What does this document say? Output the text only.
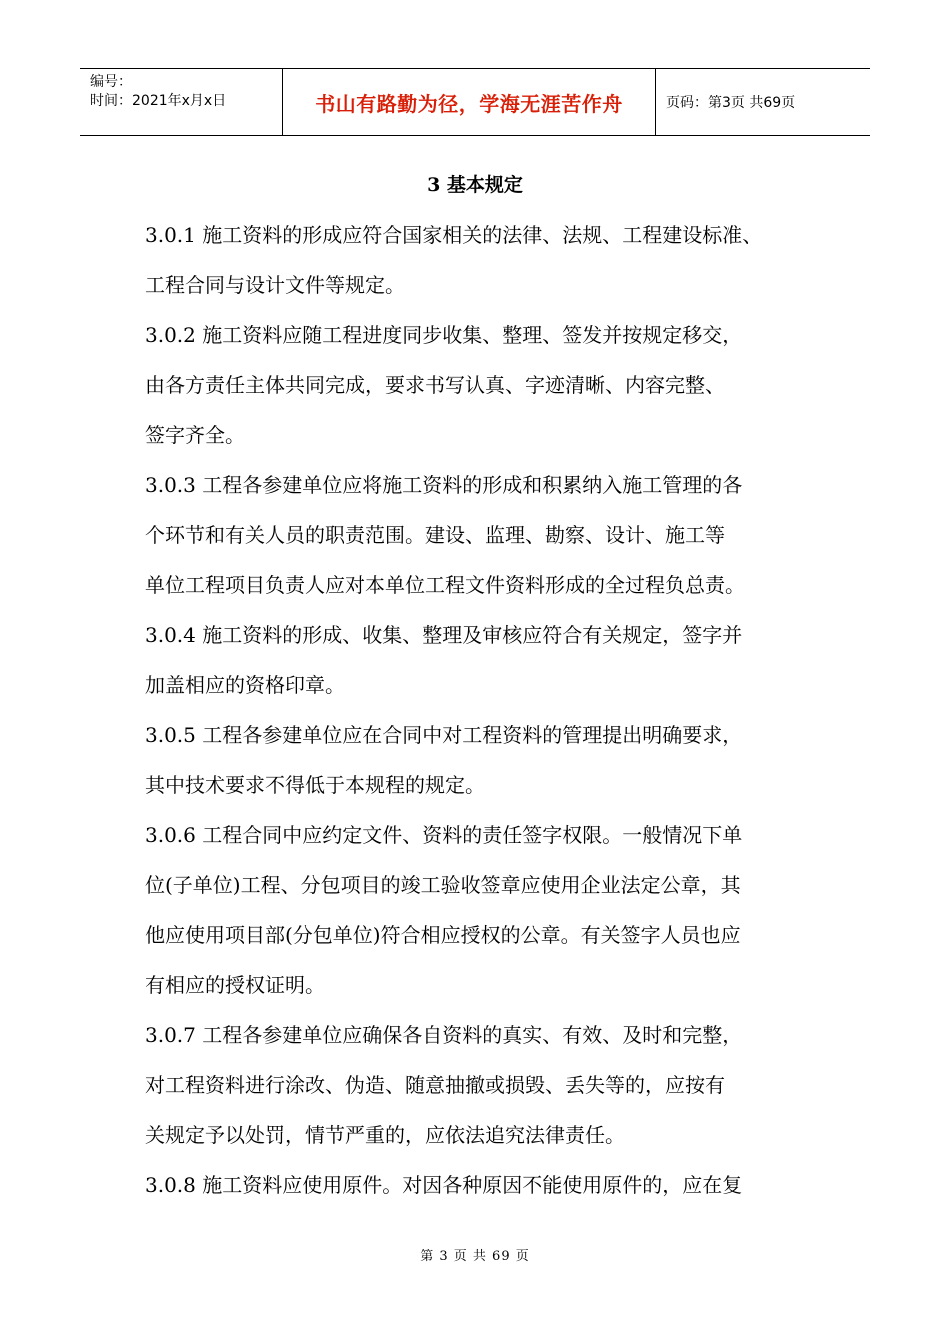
编号：
时间：2021年x月x日	书山有路勤为径，学海无涯苦作舟	页码：第3页 共69页
3 基本规定
3.0.1 施工资料的形成应符合国家相关的法律、法规、工程建设标准、
工程合同与设计文件等规定。
3.0.2 施工资料应随工程进度同步收集、整理、签发并按规定移交，
由各方责任主体共同完成，要求书写认真、字迹清晰、内容完整、
签字齐全。
3.0.3 工程各参建单位应将施工资料的形成和积累纳入施工管理的各
个环节和有关人员的职责范围。建设、监理、勘察、设计、施工等
单位工程项目负责人应对本单位工程文件资料形成的全过程负总责。
3.0.4 施工资料的形成、收集、整理及审核应符合有关规定，签字并
加盖相应的资格印章。
3.0.5 工程各参建单位应在合同中对工程资料的管理提出明确要求，
其中技术要求不得低于本规程的规定。
3.0.6 工程合同中应约定文件、资料的责任签字权限。一般情况下单
位(子单位)工程、分包项目的竣工验收签章应使用企业法定公章，其
他应使用项目部(分包单位)符合相应授权的公章。有关签字人员也应
有相应的授权证明。
3.0.7 工程各参建单位应确保各自资料的真实、有效、及时和完整，
对工程资料进行涂改、伪造、随意抽撤或损毁、丢失等的，应按有
关规定予以处罚，情节严重的，应依法追究法律责任。
3.0.8 施工资料应使用原件。对因各种原因不能使用原件的，应在复
第 3 页 共 69 页
